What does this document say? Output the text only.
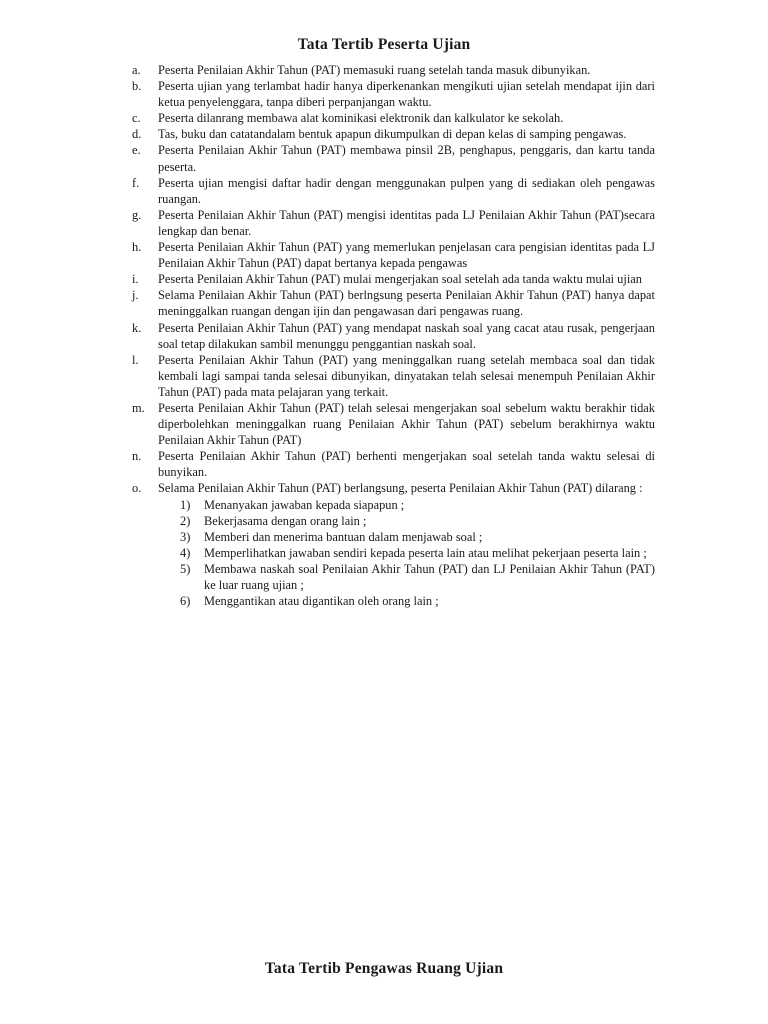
Tata Tertib Peserta Ujian
a. Peserta Penilaian Akhir Tahun (PAT) memasuki ruang setelah tanda masuk dibunyikan.
b. Peserta ujian yang terlambat hadir hanya diperkenankan mengikuti ujian setelah mendapat ijin dari ketua penyelenggara, tanpa diberi perpanjangan waktu.
c. Peserta dilanrang membawa alat kominikasi elektronik dan kalkulator ke sekolah.
d. Tas, buku dan catatandalam bentuk apapun dikumpulkan di depan kelas di samping pengawas.
e. Peserta Penilaian Akhir Tahun (PAT) membawa pinsil 2B, penghapus, penggaris, dan kartu tanda peserta.
f. Peserta ujian mengisi daftar hadir dengan menggunakan pulpen yang di sediakan oleh pengawas ruangan.
g. Peserta Penilaian Akhir Tahun (PAT) mengisi identitas pada LJ Penilaian Akhir Tahun (PAT)secara lengkap dan benar.
h. Peserta Penilaian Akhir Tahun (PAT) yang memerlukan penjelasan cara pengisian identitas pada LJ Penilaian Akhir Tahun (PAT) dapat bertanya kepada pengawas
i. Peserta Penilaian Akhir Tahun (PAT) mulai mengerjakan soal setelah ada tanda waktu mulai ujian
j. Selama Penilaian Akhir Tahun (PAT) berlngsung peserta Penilaian Akhir Tahun (PAT) hanya dapat meninggalkan ruangan dengan ijin dan pengawasan dari pengawas ruang.
k. Peserta Penilaian Akhir Tahun (PAT) yang mendapat naskah soal yang cacat atau rusak, pengerjaan soal tetap dilakukan sambil menunggu penggantian naskah soal.
l. Peserta Penilaian Akhir Tahun (PAT) yang meninggalkan ruang setelah membaca soal dan tidak kembali lagi sampai tanda selesai dibunyikan, dinyatakan telah selesai menempuh Penilaian Akhir Tahun (PAT) pada mata pelajaran yang terkait.
m. Peserta Penilaian Akhir Tahun (PAT) telah selesai mengerjakan soal sebelum waktu berakhir tidak diperbolehkan meninggalkan ruang Penilaian Akhir Tahun (PAT) sebelum berakhirnya waktu Penilaian Akhir Tahun (PAT)
n. Peserta Penilaian Akhir Tahun (PAT) berhenti mengerjakan soal setelah tanda waktu selesai di bunyikan.
o. Selama Penilaian Akhir Tahun (PAT) berlangsung, peserta Penilaian Akhir Tahun (PAT) dilarang :
1) Menanyakan jawaban kepada siapapun ;
2) Bekerjasama dengan orang lain ;
3) Memberi dan menerima bantuan dalam menjawab soal ;
4) Memperlihatkan jawaban sendiri kepada peserta lain atau melihat pekerjaan peserta lain ;
5) Membawa naskah soal Penilaian Akhir Tahun (PAT) dan LJ Penilaian Akhir Tahun (PAT) ke luar ruang ujian ;
6) Menggantikan atau digantikan oleh orang lain ;
Tata Tertib Pengawas Ruang Ujian
